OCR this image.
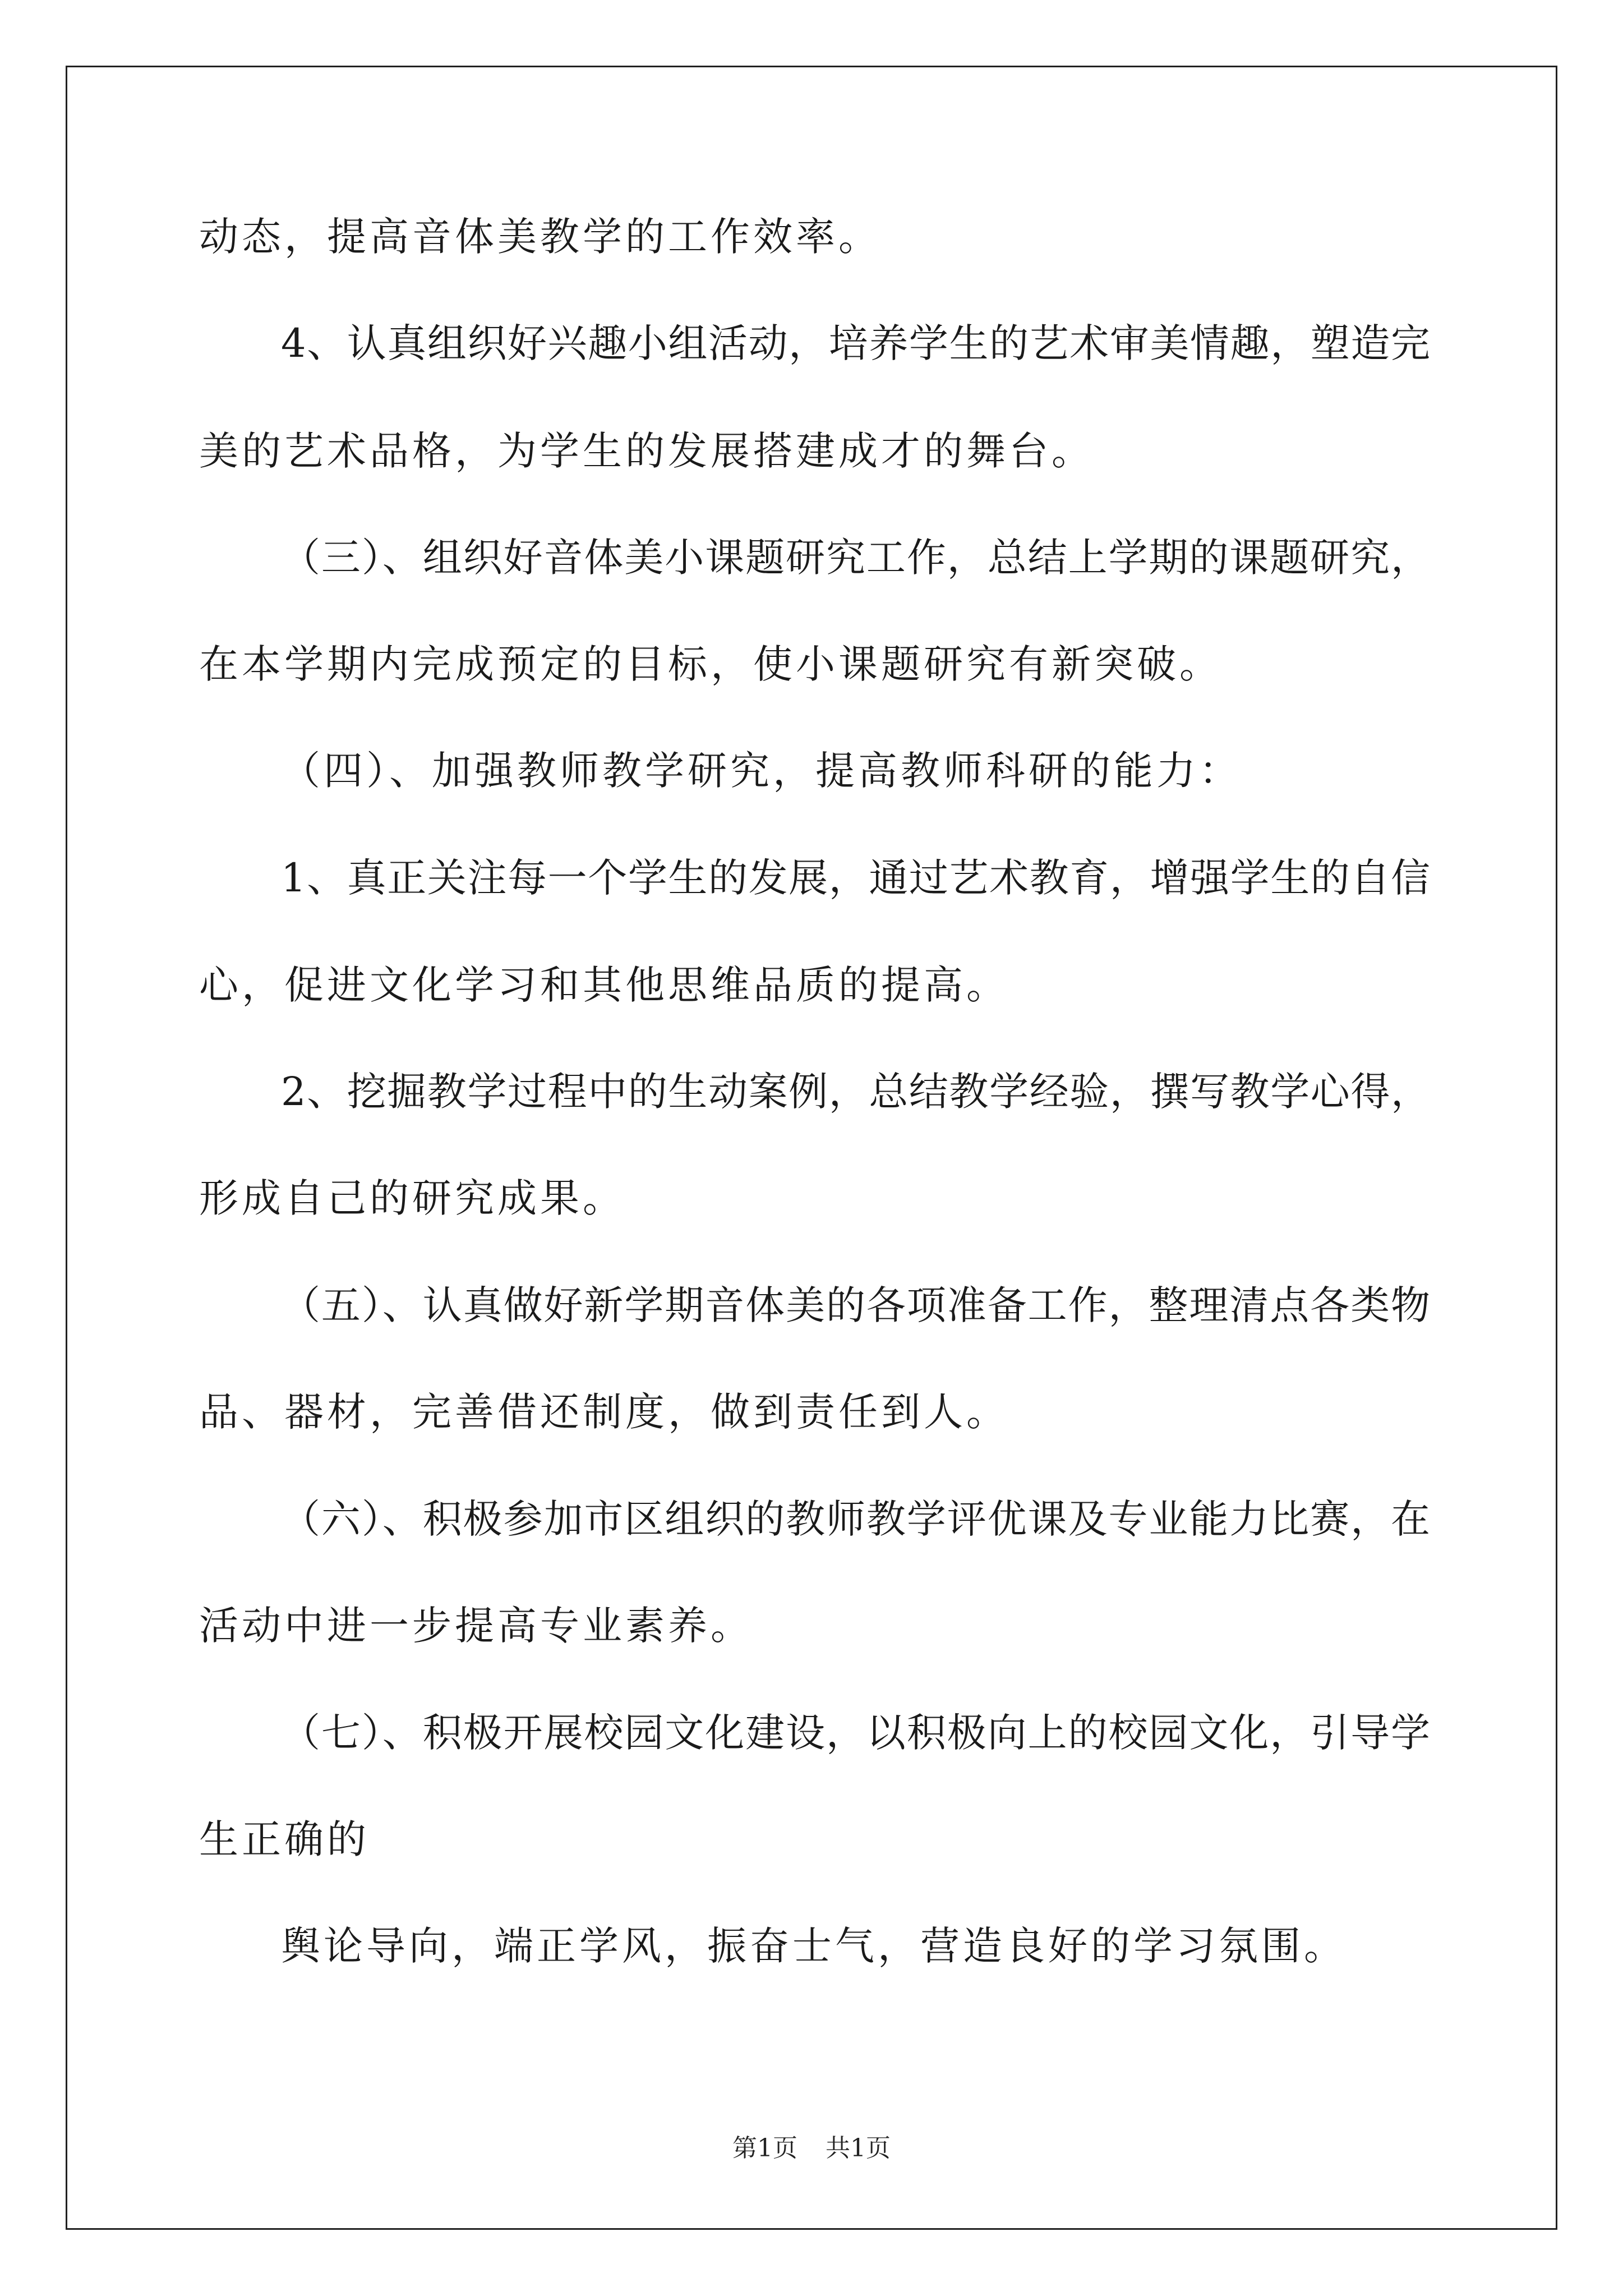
动态，提高音体美教学的工作效率。

4、认真组织好兴趣小组活动，培养学生的艺术审美情趣，塑造完

美的艺术品格，为学生的发展搭建成才的舞台。

（三）、组织好音体美小课题研究工作，总结上学期的课题研究，

在本学期内完成预定的目标，使小课题研究有新突破。

（四）、加强教师教学研究，提高教师科研的能力：

1、真正关注每一个学生的发展，通过艺术教育，增强学生的自信

心，促进文化学习和其他思维品质的提高。

2、挖掘教学过程中的生动案例，总结教学经验，撰写教学心得，

形成自己的研究成果。

（五）、认真做好新学期音体美的各项准备工作，整理清点各类物

品、器材，完善借还制度，做到责任到人。

（六）、积极参加市区组织的教师教学评优课及专业能力比赛，在

活动中进一步提高专业素养。

（七）、积极开展校园文化建设，以积极向上的校园文化，引导学

生正确的

舆论导向，端正学风，振奋士气，营造良好的学习氛围。

第1页 共1页
